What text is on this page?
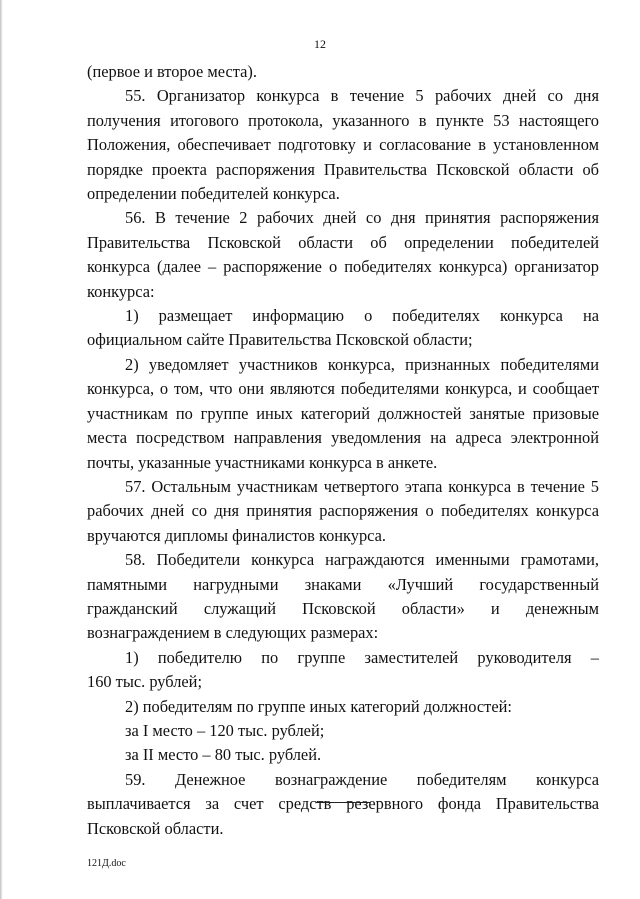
12

(первое и второе места).

55. Организатор конкурса в течение 5 рабочих дней со дня получения итогового протокола, указанного в пункте 53 настоящего Положения, обеспечивает подготовку и согласование в установленном порядке проекта распоряжения Правительства Псковской области об определении победителей конкурса.

56. В течение 2 рабочих дней со дня принятия распоряжения Правительства Псковской области об определении победителей конкурса (далее – распоряжение о победителях конкурса) организатор конкурса:

1) размещает информацию о победителях конкурса на официальном сайте Правительства Псковской области;

2) уведомляет участников конкурса, признанных победителями конкурса, о том, что они являются победителями конкурса, и сообщает участникам по группе иных категорий должностей занятые призовые места посредством направления уведомления на адреса электронной почты, указанные участниками конкурса в анкете.

57. Остальным участникам четвертого этапа конкурса в течение 5 рабочих дней со дня принятия распоряжения о победителях конкурса вручаются дипломы финалистов конкурса.

58. Победители конкурса награждаются именными грамотами, памятными нагрудными знаками «Лучший государственный гражданский служащий Псковской области» и денежным вознаграждением в следующих размерах:

1) победителю по группе заместителей руководителя –

160 тыс. рублей;

2) победителям по группе иных категорий должностей:

за I место – 120 тыс. рублей;

за II место – 80 тыс. рублей.

59. Денежное вознаграждение победителям конкурса выплачивается за счет средств резервного фонда Правительства Псковской области.

121Д.doc
